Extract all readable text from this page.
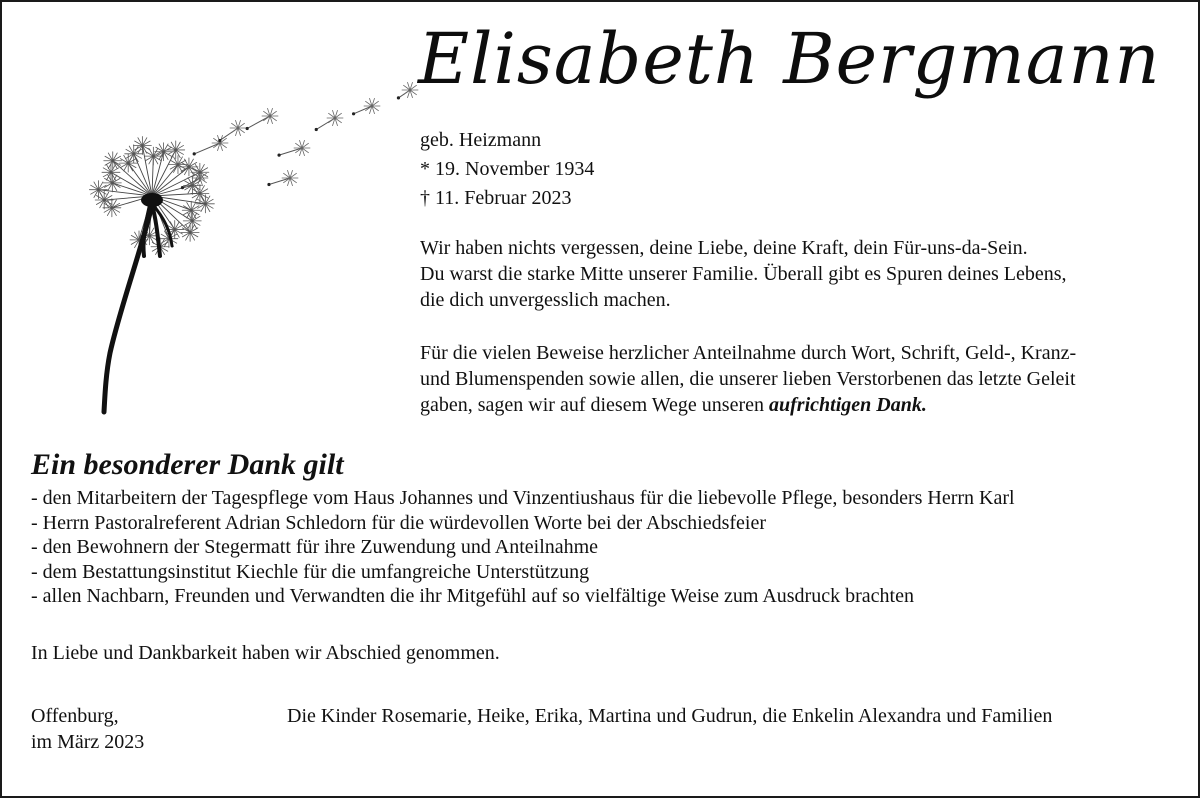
Elisabeth Bergmann
geb. Heizmann
* 19. November 1934
† 11. Februar 2023
Wir haben nichts vergessen, deine Liebe, deine Kraft, dein Für-uns-da-Sein.
Du warst die starke Mitte unserer Familie. Überall gibt es Spuren deines Lebens,
die dich unvergesslich machen.
Für die vielen Beweise herzlicher Anteilnahme durch Wort, Schrift, Geld-, Kranz-
und Blumenspenden sowie allen, die unserer lieben Verstorbenen das letzte Geleit
gaben, sagen wir auf diesem Wege unseren aufrichtigen Dank.
Ein besonderer Dank gilt
- den Mitarbeitern der Tagespflege vom Haus Johannes und Vinzentiushaus für die liebevolle Pflege, besonders Herrn Karl
- Herrn Pastoralreferent Adrian Schledorn für die würdevollen Worte bei der Abschiedsfeier
- den Bewohnern der Stegermatt für ihre Zuwendung und Anteilnahme
- dem Bestattungsinstitut Kiechle für die umfangreiche Unterstützung
- allen Nachbarn, Freunden und Verwandten die ihr Mitgefühl auf so vielfältige Weise zum Ausdruck brachten
In Liebe und Dankbarkeit haben wir Abschied genommen.
Offenburg,
im März 2023
Die Kinder Rosemarie, Heike, Erika, Martina und Gudrun, die Enkelin Alexandra und Familien
